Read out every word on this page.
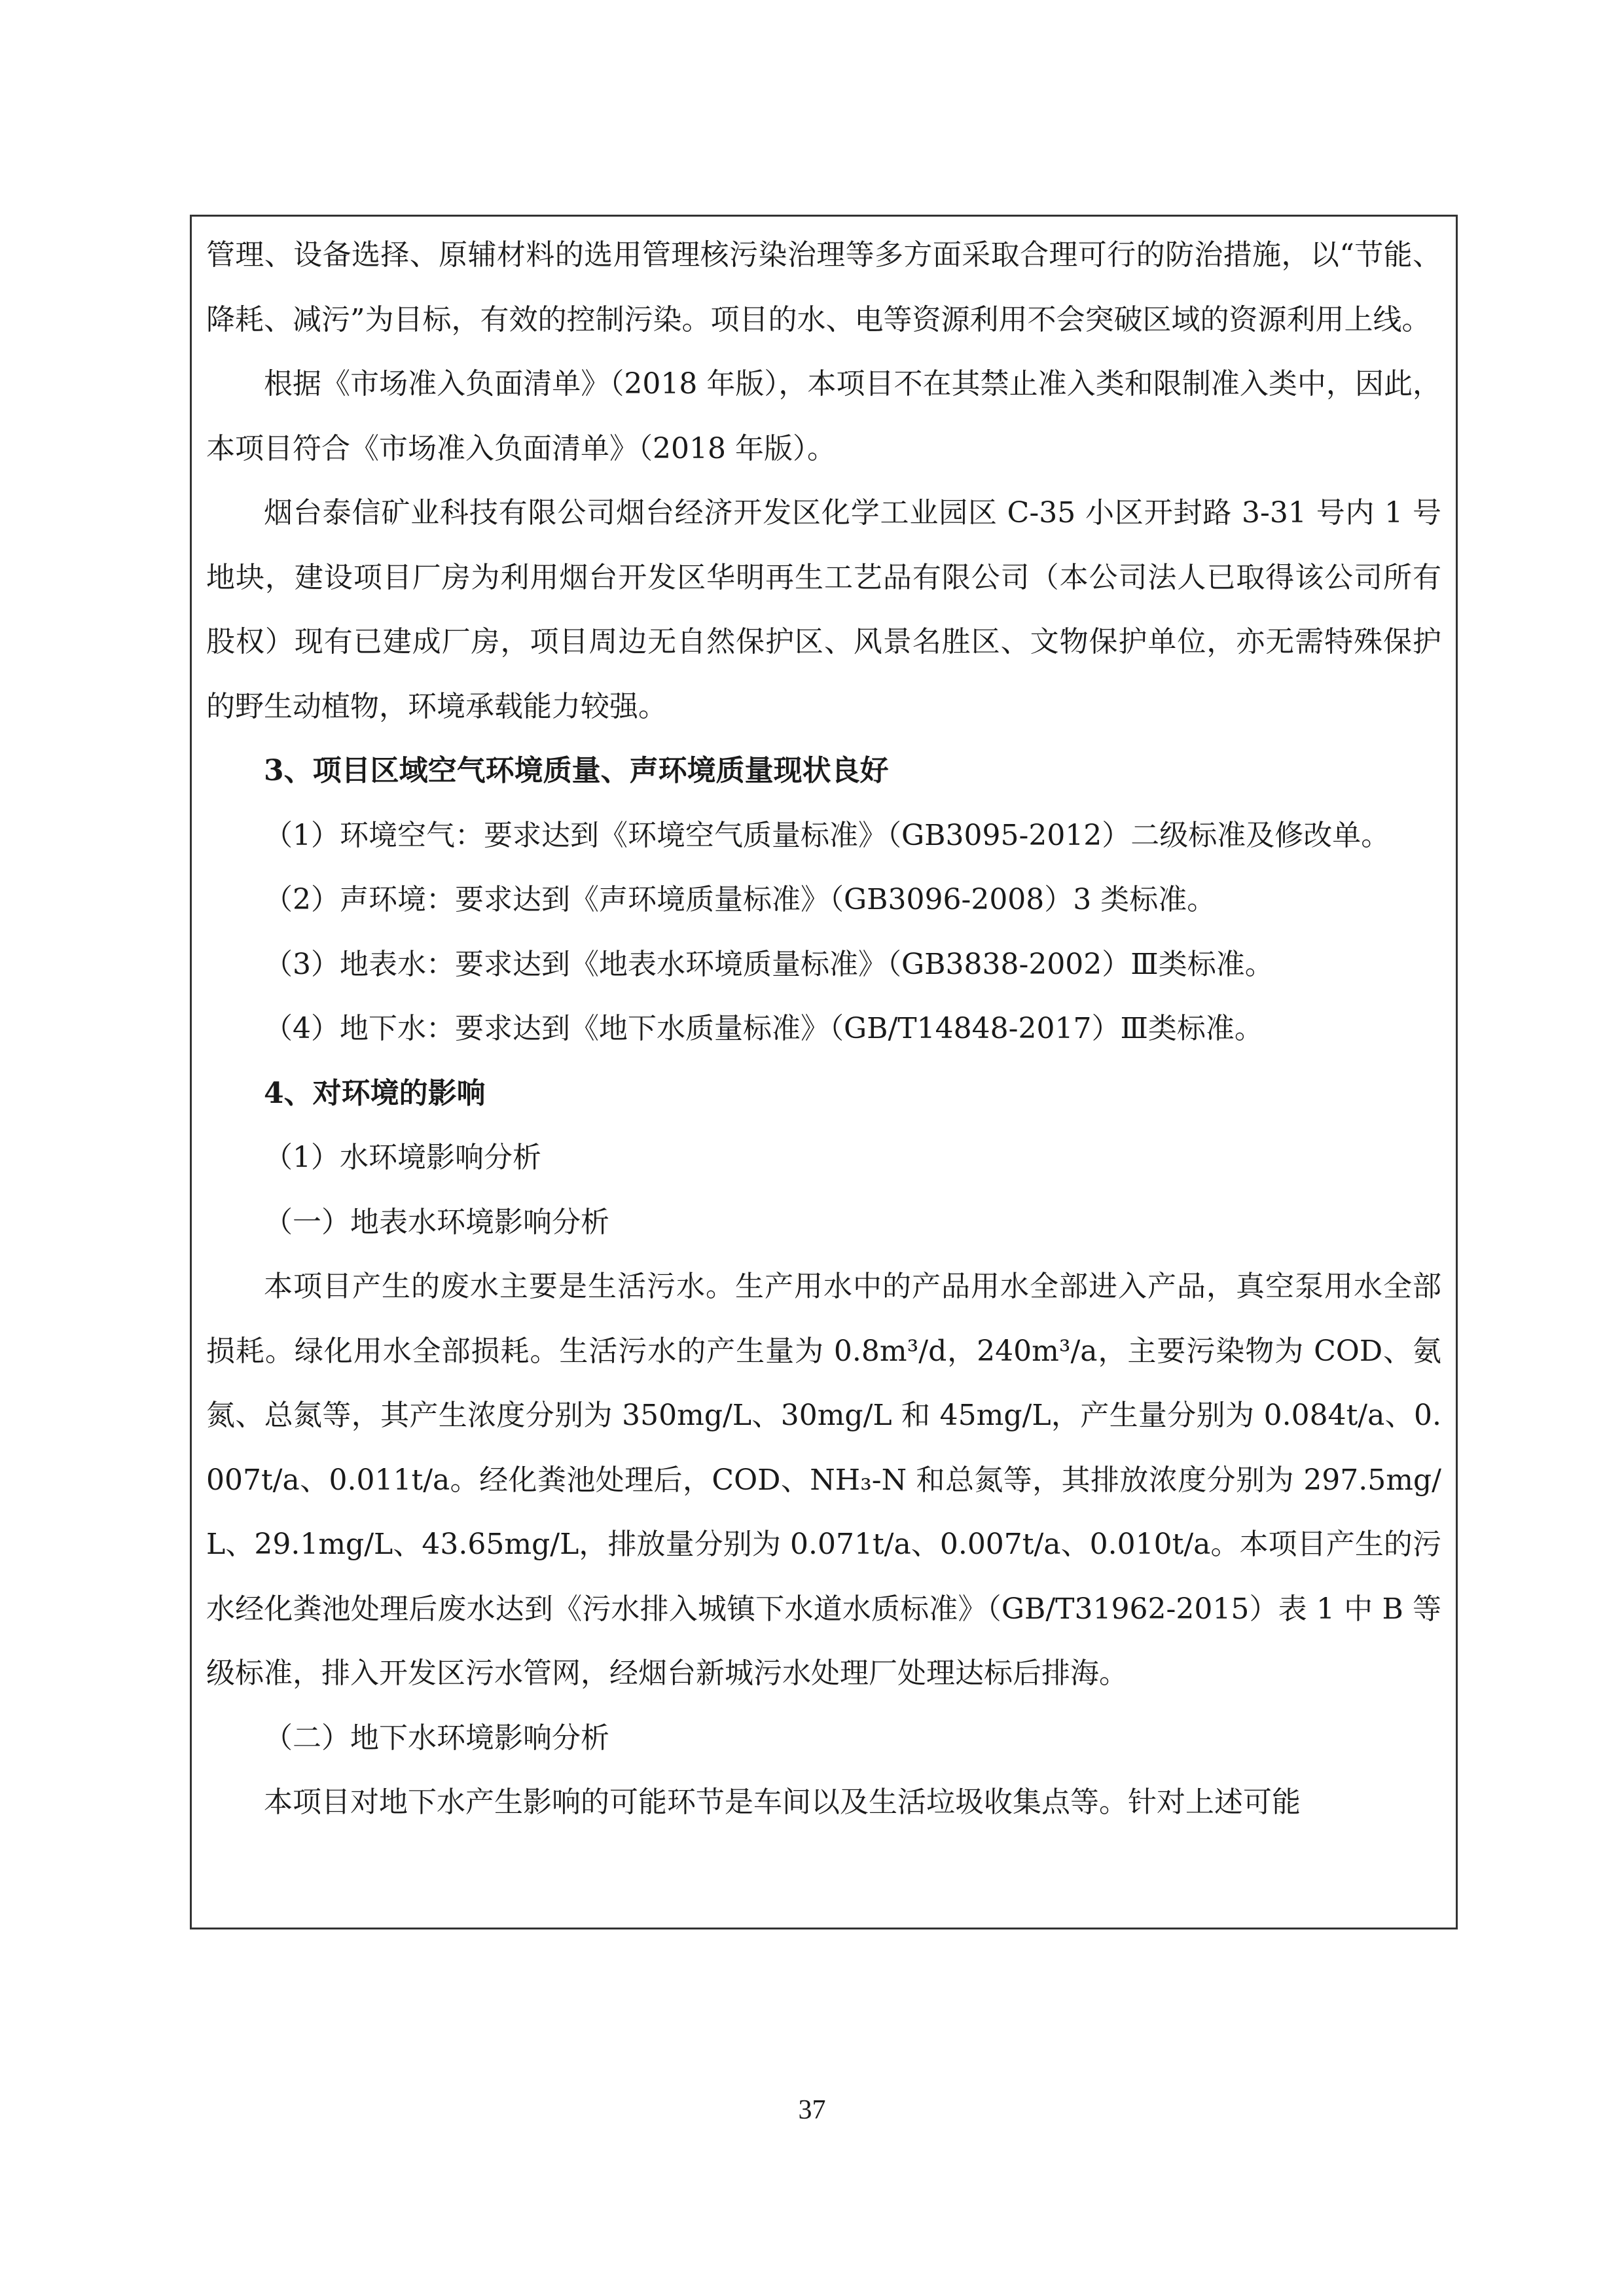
管理、设备选择、原辅材料的选用管理核污染治理等多方面采取合理可行的防治措施，以“节能、降耗、减污”为目标，有效的控制污染。项目的水、电等资源利用不会突破区域的资源利用上线。

根据《市场准入负面清单》（2018 年版），本项目不在其禁止准入类和限制准入类中，因此，本项目符合《市场准入负面清单》（2018 年版）。

烟台泰信矿业科技有限公司烟台经济开发区化学工业园区 C-35 小区开封路 3-31 号内 1 号地块，建设项目厂房为利用烟台开发区华明再生工艺品有限公司（本公司法人已取得该公司所有股权）现有已建成厂房，项目周边无自然保护区、风景名胜区、文物保护单位，亦无需特殊保护的野生动植物，环境承载能力较强。

3、项目区域空气环境质量、声环境质量现状良好

（1）环境空气：要求达到《环境空气质量标准》（GB3095-2012）二级标准及修改单。

（2）声环境：要求达到《声环境质量标准》（GB3096-2008）3 类标准。

（3）地表水：要求达到《地表水环境质量标准》（GB3838-2002）Ⅲ类标准。

（4）地下水：要求达到《地下水质量标准》（GB/T14848-2017）Ⅲ类标准。

4、对环境的影响

（1）水环境影响分析

（一）地表水环境影响分析

本项目产生的废水主要是生活污水。生产用水中的产品用水全部进入产品，真空泵用水全部损耗。绿化用水全部损耗。生活污水的产生量为 0.8m³/d，240m³/a，主要污染物为 COD、氨氮、总氮等，其产生浓度分别为 350mg/L、30mg/L 和 45mg/L，产生量分别为 0.084t/a、0.007t/a、0.011t/a。经化粪池处理后，COD、NH₃-N 和总氮等，其排放浓度分别为 297.5mg/L、29.1mg/L、43.65mg/L，排放量分别为 0.071t/a、0.007t/a、0.010t/a。本项目产生的污水经化粪池处理后废水达到《污水排入城镇下水道水质标准》（GB/T31962-2015）表 1 中 B 等级标准，排入开发区污水管网，经烟台新城污水处理厂处理达标后排海。

（二）地下水环境影响分析

本项目对地下水产生影响的可能环节是车间以及生活垃圾收集点等。针对上述可能

37
